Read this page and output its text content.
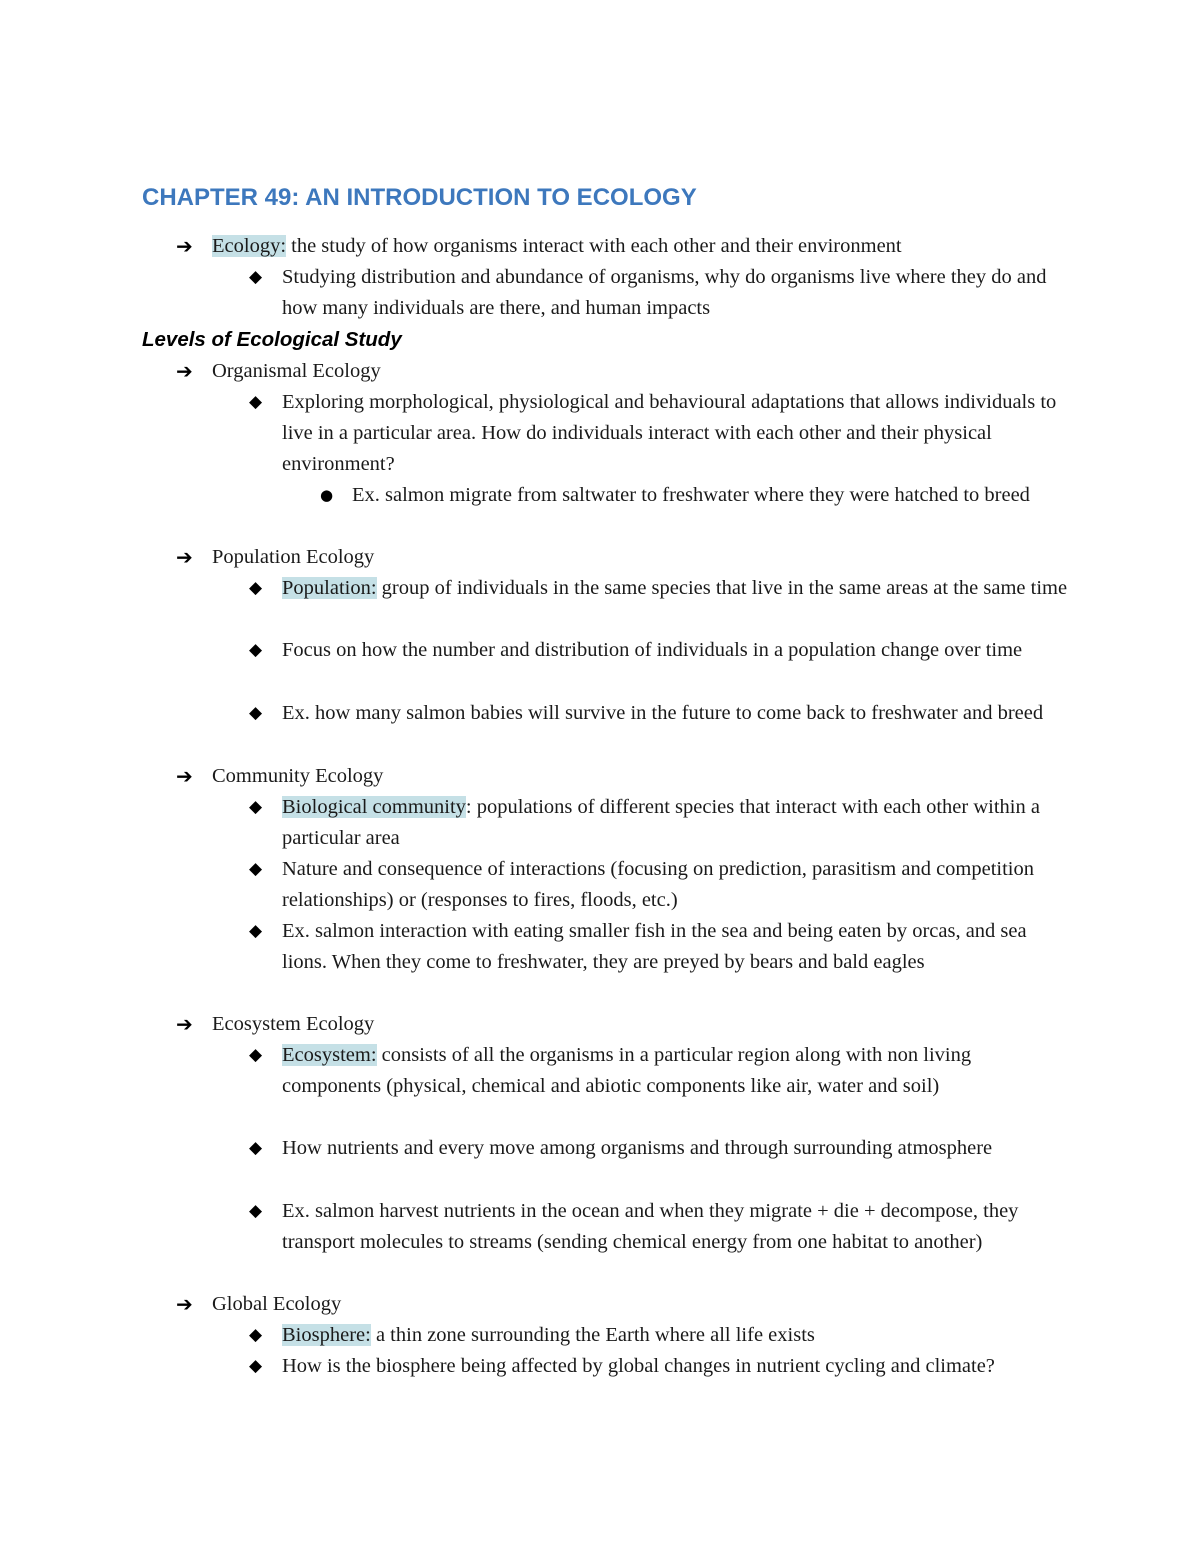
CHAPTER 49: AN INTRODUCTION TO ECOLOGY
➔ Ecology: the study of how organisms interact with each other and their environment
◆ Studying distribution and abundance of organisms, why do organisms live where they do and how many individuals are there, and human impacts
Levels of Ecological Study
➔ Organismal Ecology
◆ Exploring morphological, physiological and behavioural adaptations that allows individuals to live in a particular area. How do individuals interact with each other and their physical environment?
● Ex. salmon migrate from saltwater to freshwater where they were hatched to breed
➔ Population Ecology
◆ Population: group of individuals in the same species that live in the same areas at the same time
◆ Focus on how the number and distribution of individuals in a population change over time
◆ Ex. how many salmon babies will survive in the future to come back to freshwater and breed
➔ Community Ecology
◆ Biological community: populations of different species that interact with each other within a particular area
◆ Nature and consequence of interactions (focusing on prediction, parasitism and competition relationships) or (responses to fires, floods, etc.)
◆ Ex. salmon interaction with eating smaller fish in the sea and being eaten by orcas, and sea lions. When they come to freshwater, they are preyed by bears and bald eagles
➔ Ecosystem Ecology
◆ Ecosystem: consists of all the organisms in a particular region along with non living components (physical, chemical and abiotic components like air, water and soil)
◆ How nutrients and every move among organisms and through surrounding atmosphere
◆ Ex. salmon harvest nutrients in the ocean and when they migrate + die + decompose, they transport molecules to streams (sending chemical energy from one habitat to another)
➔ Global Ecology
◆ Biosphere: a thin zone surrounding the Earth where all life exists
◆ How is the biosphere being affected by global changes in nutrient cycling and climate?
